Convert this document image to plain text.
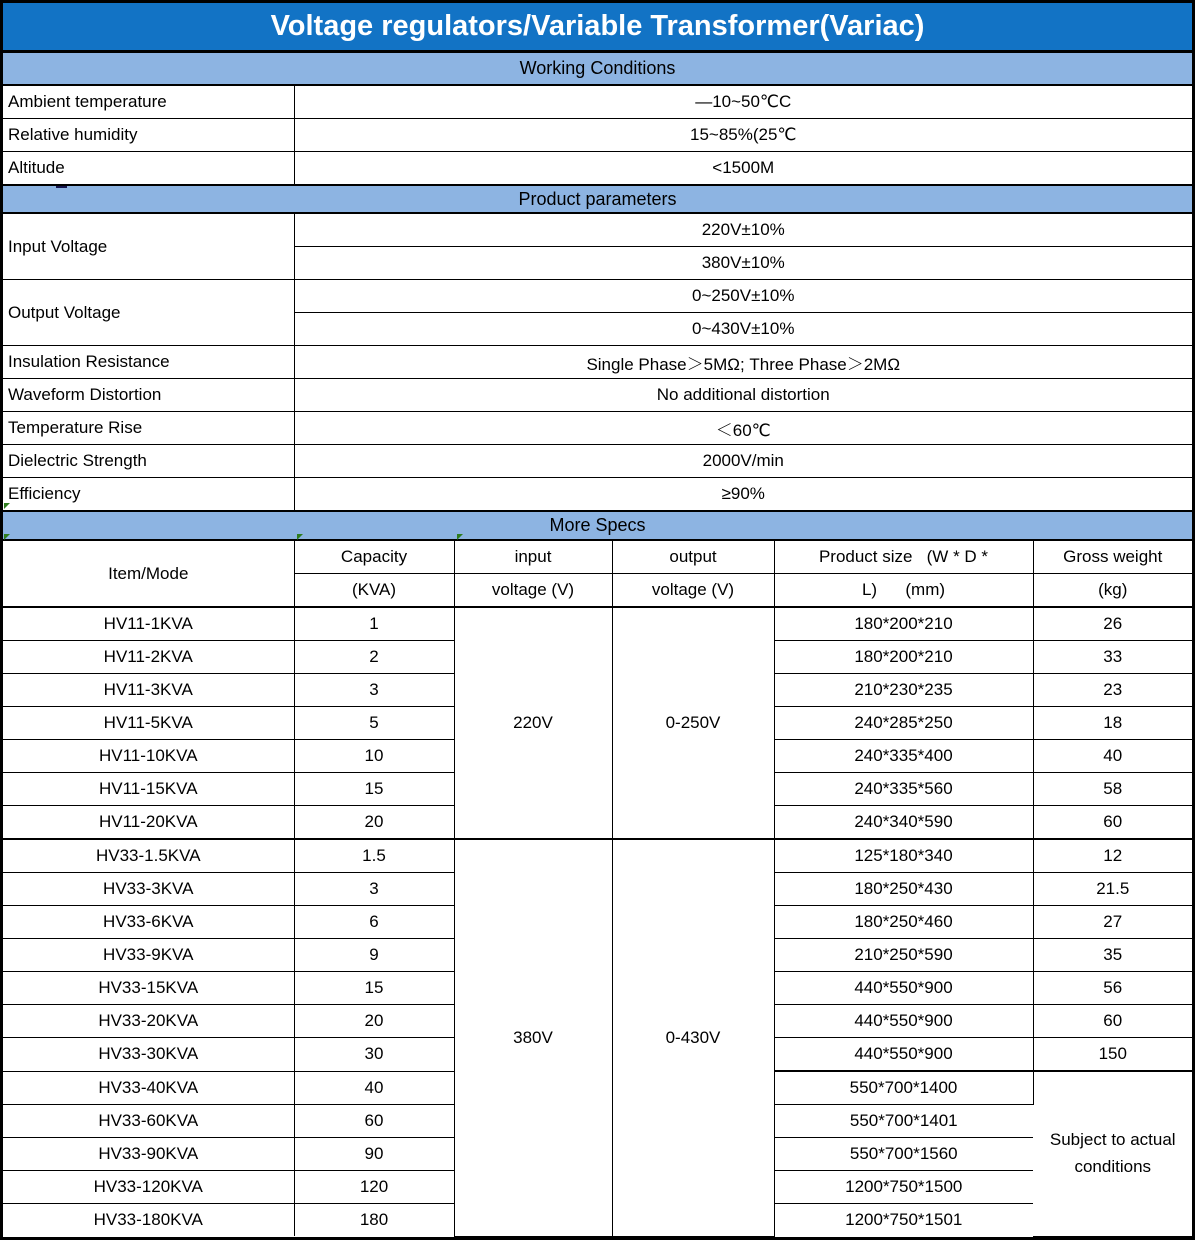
Voltage regulators/Variable Transformer(Variac)
Working Conditions
Ambient temperature	—10~50℃C
Relative humidity	15~85%(25℃
Altitude	<1500M
Product parameters
Input Voltage	220V±10%
	380V±10%
Output Voltage	0~250V±10%
	0~430V±10%
Insulation Resistance	Single Phase＞5MΩ; Three Phase＞2MΩ
Waveform Distortion	No additional distortion
Temperature Rise	＜60℃
Dielectric Strength	2000V/min
Efficiency	≥90%
More Specs
Item/Mode	Capacity	input	output	Product size   (W * D *	Gross weight
	(KVA)	voltage (V)	voltage (V)	L)      (mm)	(kg)
HV11-1KVA	1	220V	0-250V	180*200*210	26
HV11-2KVA	2			180*200*210	33
HV11-3KVA	3			210*230*235	23
HV11-5KVA	5			240*285*250	18
HV11-10KVA	10			240*335*400	40
HV11-15KVA	15			240*335*560	58
HV11-20KVA	20			240*340*590	60
HV33-1.5KVA	1.5	380V	0-430V	125*180*340	12
HV33-3KVA	3			180*250*430	21.5
HV33-6KVA	6			180*250*460	27
HV33-9KVA	9			210*250*590	35
HV33-15KVA	15			440*550*900	56
HV33-20KVA	20			440*550*900	60
HV33-30KVA	30			440*550*900	150
HV33-40KVA	40			550*700*1400	Subject to actual conditions
HV33-60KVA	60			550*700*1401	
HV33-90KVA	90			550*700*1560	
HV33-120KVA	120			1200*750*1500	
HV33-180KVA	180			1200*750*1501	
